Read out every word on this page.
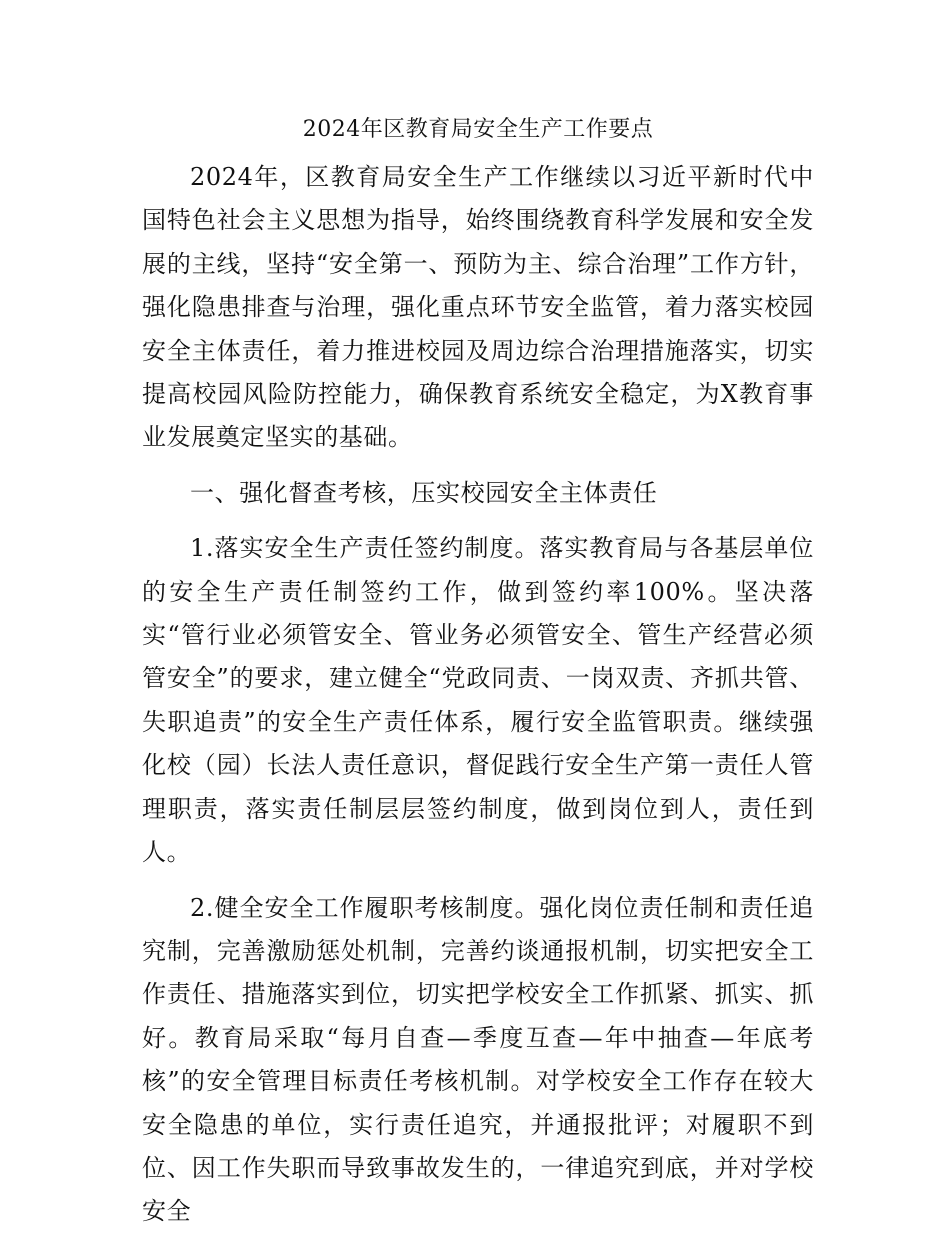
2024年区教育局安全生产工作要点

2024年，区教育局安全生产工作继续以习近平新时代中国特色社会主义思想为指导，始终围绕教育科学发展和安全发展的主线，坚持“安全第一、预防为主、综合治理”工作方针，强化隐患排查与治理，强化重点环节安全监管，着力落实校园安全主体责任，着力推进校园及周边综合治理措施落实，切实提高校园风险防控能力，确保教育系统安全稳定，为X教育事业发展奠定坚实的基础。

一、强化督查考核，压实校园安全主体责任

1.落实安全生产责任签约制度。落实教育局与各基层单位的安全生产责任制签约工作，做到签约率100%。坚决落实“管行业必须管安全、管业务必须管安全、管生产经营必须管安全”的要求，建立健全“党政同责、一岗双责、齐抓共管、失职追责”的安全生产责任体系，履行安全监管职责。继续强化校（园）长法人责任意识，督促践行安全生产第一责任人管理职责，落实责任制层层签约制度，做到岗位到人，责任到人。

2.健全安全工作履职考核制度。强化岗位责任制和责任追究制，完善激励惩处机制，完善约谈通报机制，切实把安全工作责任、措施落实到位，切实把学校安全工作抓紧、抓实、抓好。教育局采取“每月自查—季度互查—年中抽查—年底考核”的安全管理目标责任考核机制。对学校安全工作存在较大安全隐患的单位，实行责任追究，并通报批评；对履职不到位、因工作失职而导致事故发生的，一律追究到底，并对学校安全
